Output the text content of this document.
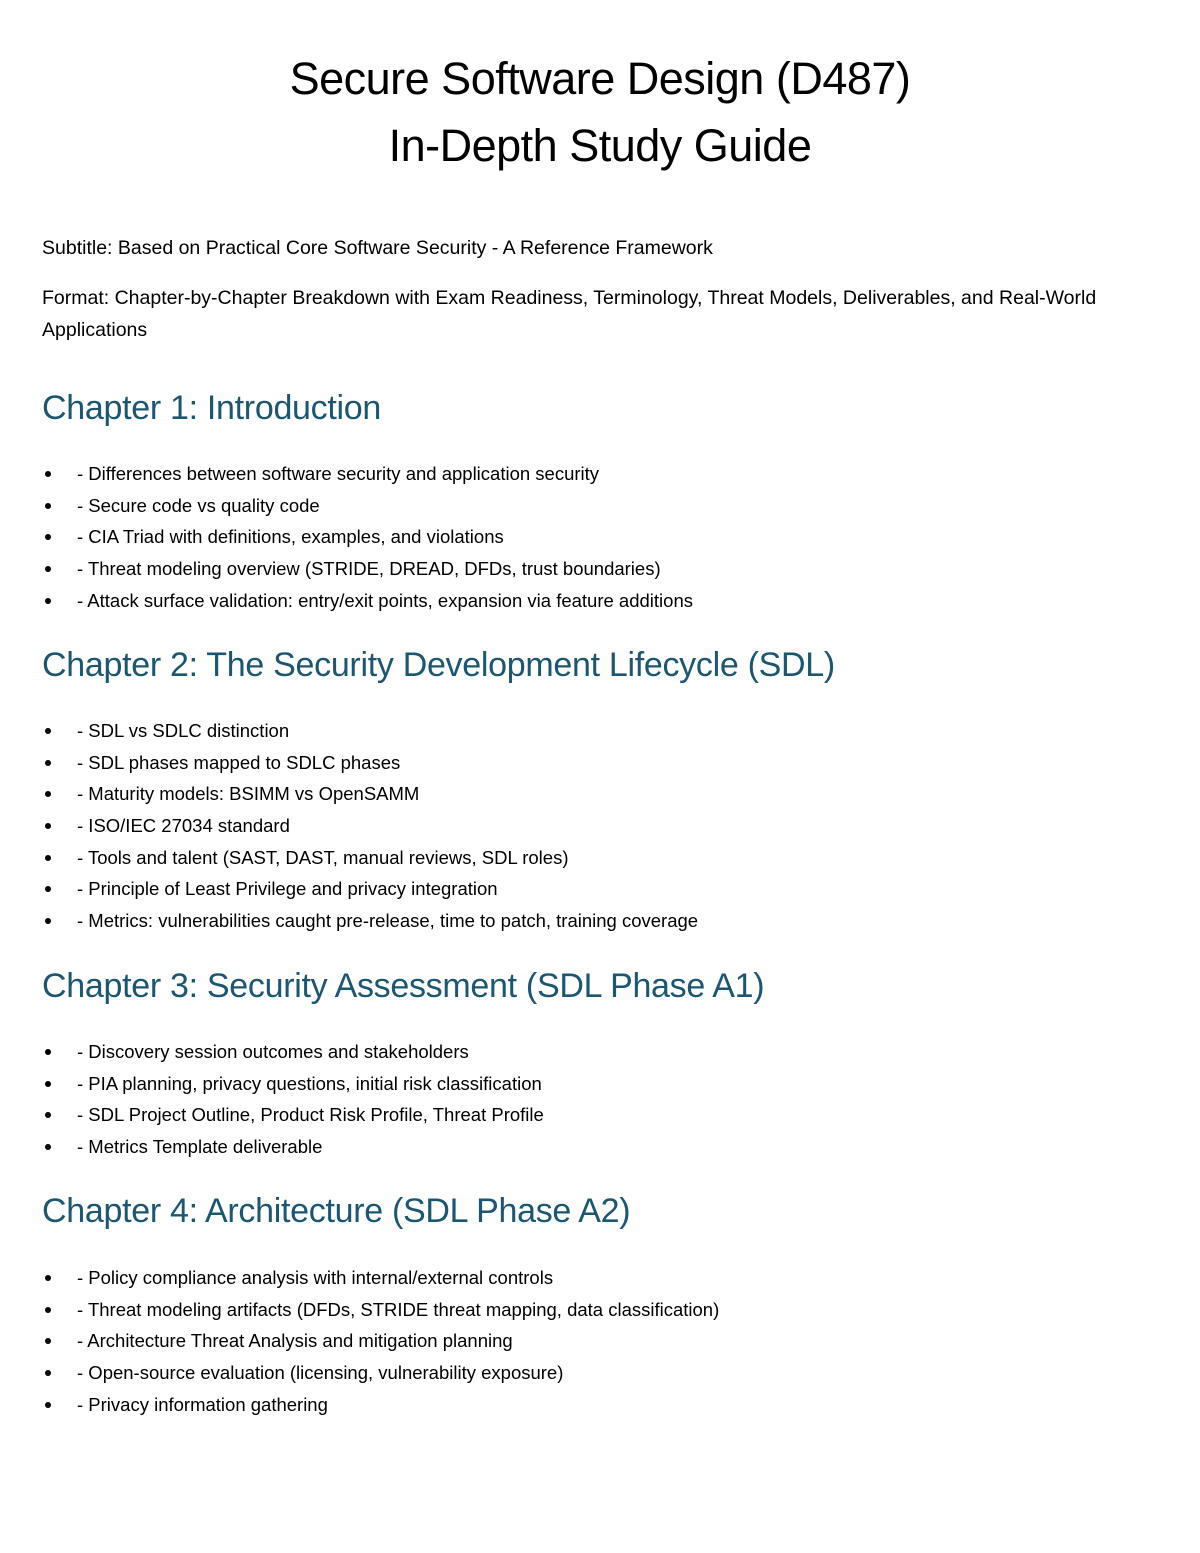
Secure Software Design (D487)
In-Depth Study Guide

Subtitle: Based on Practical Core Software Security - A Reference Framework

Format: Chapter-by-Chapter Breakdown with Exam Readiness, Terminology, Threat Models, Deliverables, and Real-World Applications

Chapter 1: Introduction
- Differences between software security and application security
- Secure code vs quality code
- CIA Triad with definitions, examples, and violations
- Threat modeling overview (STRIDE, DREAD, DFDs, trust boundaries)
- Attack surface validation: entry/exit points, expansion via feature additions
Chapter 2: The Security Development Lifecycle (SDL)
- SDL vs SDLC distinction
- SDL phases mapped to SDLC phases
- Maturity models: BSIMM vs OpenSAMM
- ISO/IEC 27034 standard
- Tools and talent (SAST, DAST, manual reviews, SDL roles)
- Principle of Least Privilege and privacy integration
- Metrics: vulnerabilities caught pre-release, time to patch, training coverage
Chapter 3: Security Assessment (SDL Phase A1)
- Discovery session outcomes and stakeholders
- PIA planning, privacy questions, initial risk classification
- SDL Project Outline, Product Risk Profile, Threat Profile
- Metrics Template deliverable
Chapter 4: Architecture (SDL Phase A2)
- Policy compliance analysis with internal/external controls
- Threat modeling artifacts (DFDs, STRIDE threat mapping, data classification)
- Architecture Threat Analysis and mitigation planning
- Open-source evaluation (licensing, vulnerability exposure)
- Privacy information gathering
